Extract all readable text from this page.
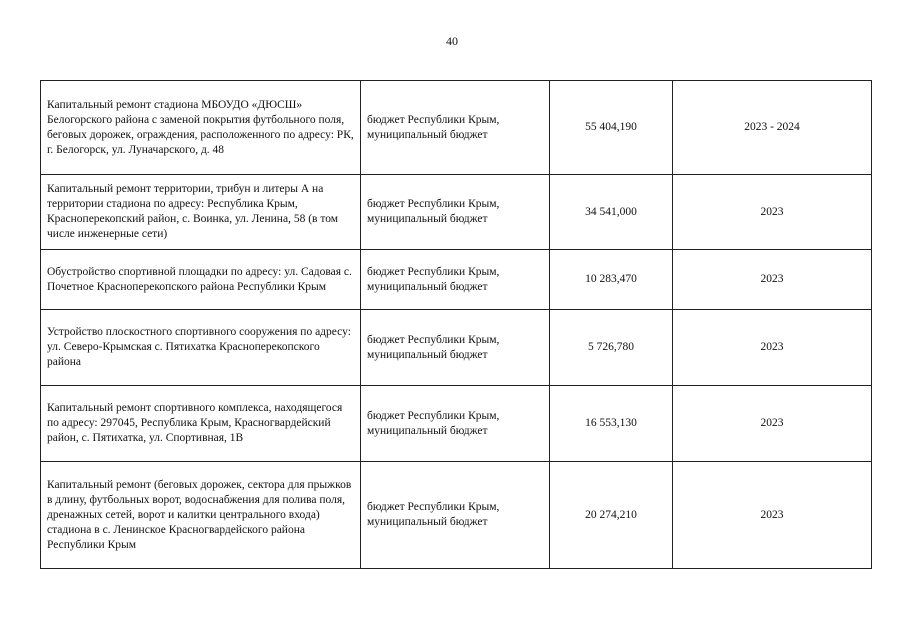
40
Капитальный ремонт стадиона МБОУДО «ДЮСШ» Белогорского района с заменой покрытия футбольного поля, беговых дорожек, ограждения, расположенного по адресу: РК, г. Белогорск, ул. Луначарского, д. 48	бюджет Республики Крым, муниципальный бюджет	55 404,190	2023 - 2024
Капитальный ремонт территории, трибун и литеры А на территории стадиона по адресу: Республика Крым, Красноперекопский район, с. Воинка, ул. Ленина, 58 (в том числе инженерные сети)	бюджет Республики Крым, муниципальный бюджет	34 541,000	2023
Обустройство спортивной площадки по адресу: ул. Садовая с. Почетное Красноперекопского района Республики Крым	бюджет Республики Крым, муниципальный бюджет	10 283,470	2023
Устройство плоскостного спортивного сооружения по адресу: ул. Северо-Крымская с. Пятихатка Красноперекопского района	бюджет Республики Крым, муниципальный бюджет	5 726,780	2023
Капитальный ремонт спортивного комплекса, находящегося по адресу: 297045, Республика Крым, Красногвардейский район, с. Пятихатка, ул. Спортивная, 1В	бюджет Республики Крым, муниципальный бюджет	16 553,130	2023
Капитальный ремонт (беговых дорожек, сектора для прыжков в длину, футбольных ворот, водоснабжения для полива поля, дренажных сетей, ворот и калитки центрального входа) стадиона в с. Ленинское Красногвардейского района Республики Крым	бюджет Республики Крым, муниципальный бюджет	20 274,210	2023
